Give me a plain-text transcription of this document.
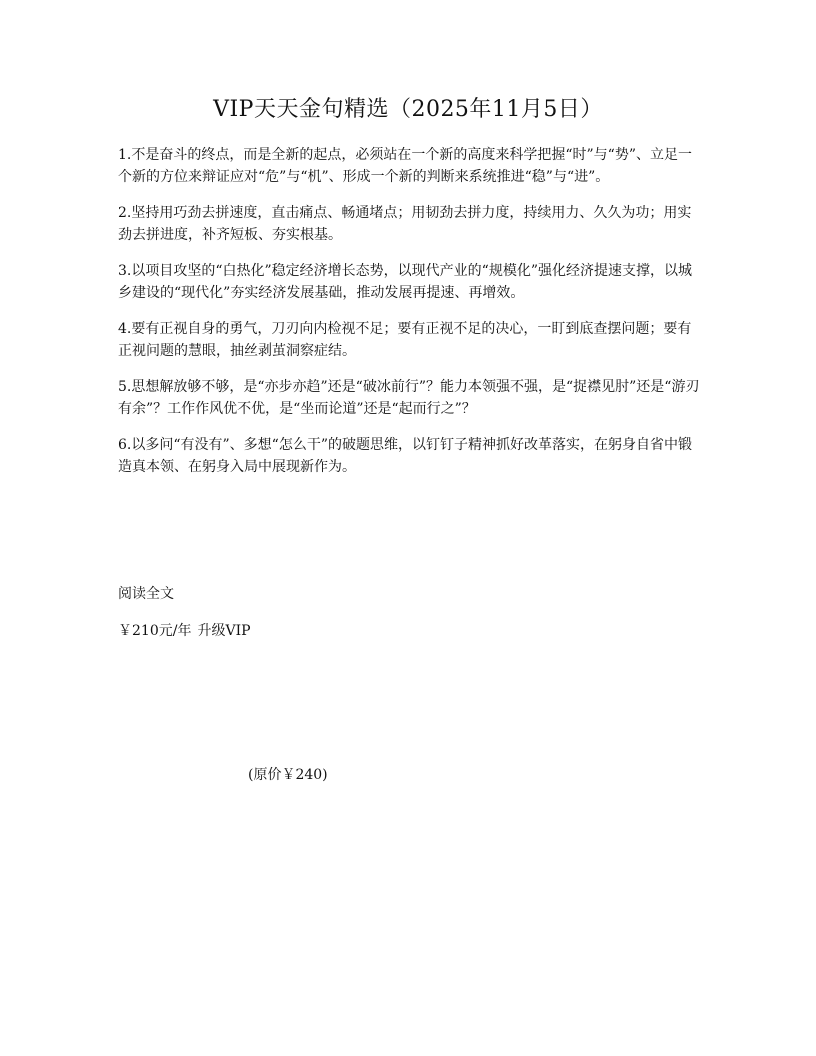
VIP天天金句精选（2025年11月5日）
1.不是奋斗的终点，而是全新的起点，必须站在一个新的高度来科学把握“时”与“势”、立足一个新的方位来辩证应对“危”与“机”、形成一个新的判断来系统推进“稳”与“进”。
2.坚持用巧劲去拼速度，直击痛点、畅通堵点；用韧劲去拼力度，持续用力、久久为功；用实劲去拼进度，补齐短板、夯实根基。
3.以项目攻坚的“白热化”稳定经济增长态势，以现代产业的“规模化”强化经济提速支撑，以城乡建设的“现代化”夯实经济发展基础，推动发展再提速、再增效。
4.要有正视自身的勇气，刀刃向内检视不足；要有正视不足的决心，一盯到底查摆问题；要有正视问题的慧眼，抽丝剥茧洞察症结。
5.思想解放够不够，是“亦步亦趋”还是“破冰前行”？能力本领强不强，是“捉襟见肘”还是“游刃有余”？工作作风优不优，是“坐而论道”还是“起而行之”？
6.以多问“有没有”、多想“怎么干”的破题思维，以钉钉子精神抓好改革落实，在躬身自省中锻造真本领、在躬身入局中展现新作为。
阅读全文
￥210元/年 升级VIP
(原价￥240)
